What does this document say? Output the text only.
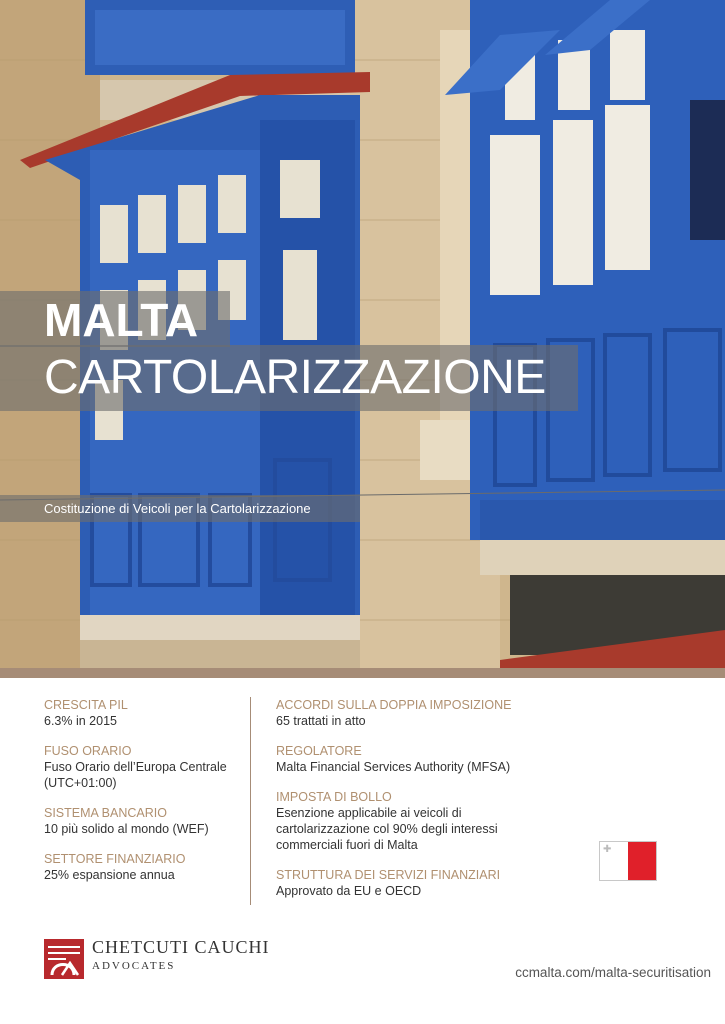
MALTA
CARTOLARIZZAZIONE
Costituzione di Veicoli per la Cartolarizzazione
CRESCITA PIL
6.3% in 2015
FUSO ORARIO
Fuso Orario dell’Europa Centrale (UTC+01:00)
SISTEMA BANCARIO
10 più solido al mondo (WEF)
SETTORE FINANZIARIO
25% espansione annua
ACCORDI SULLA DOPPIA IMPOSIZIONE
65 trattati in atto
REGOLATORE
Malta Financial Services Authority (MFSA)
IMPOSTA DI BOLLO
Esenzione applicabile ai veicoli di cartolarizzazione col 90% degli interessi commerciali fuori di Malta
STRUTTURA DEI SERVIZI FINANZIARI
Approvato da EU e OECD
✚
CHETCUTI CAUCHI
ADVOCATES	ccmalta.com/malta-securitisation
